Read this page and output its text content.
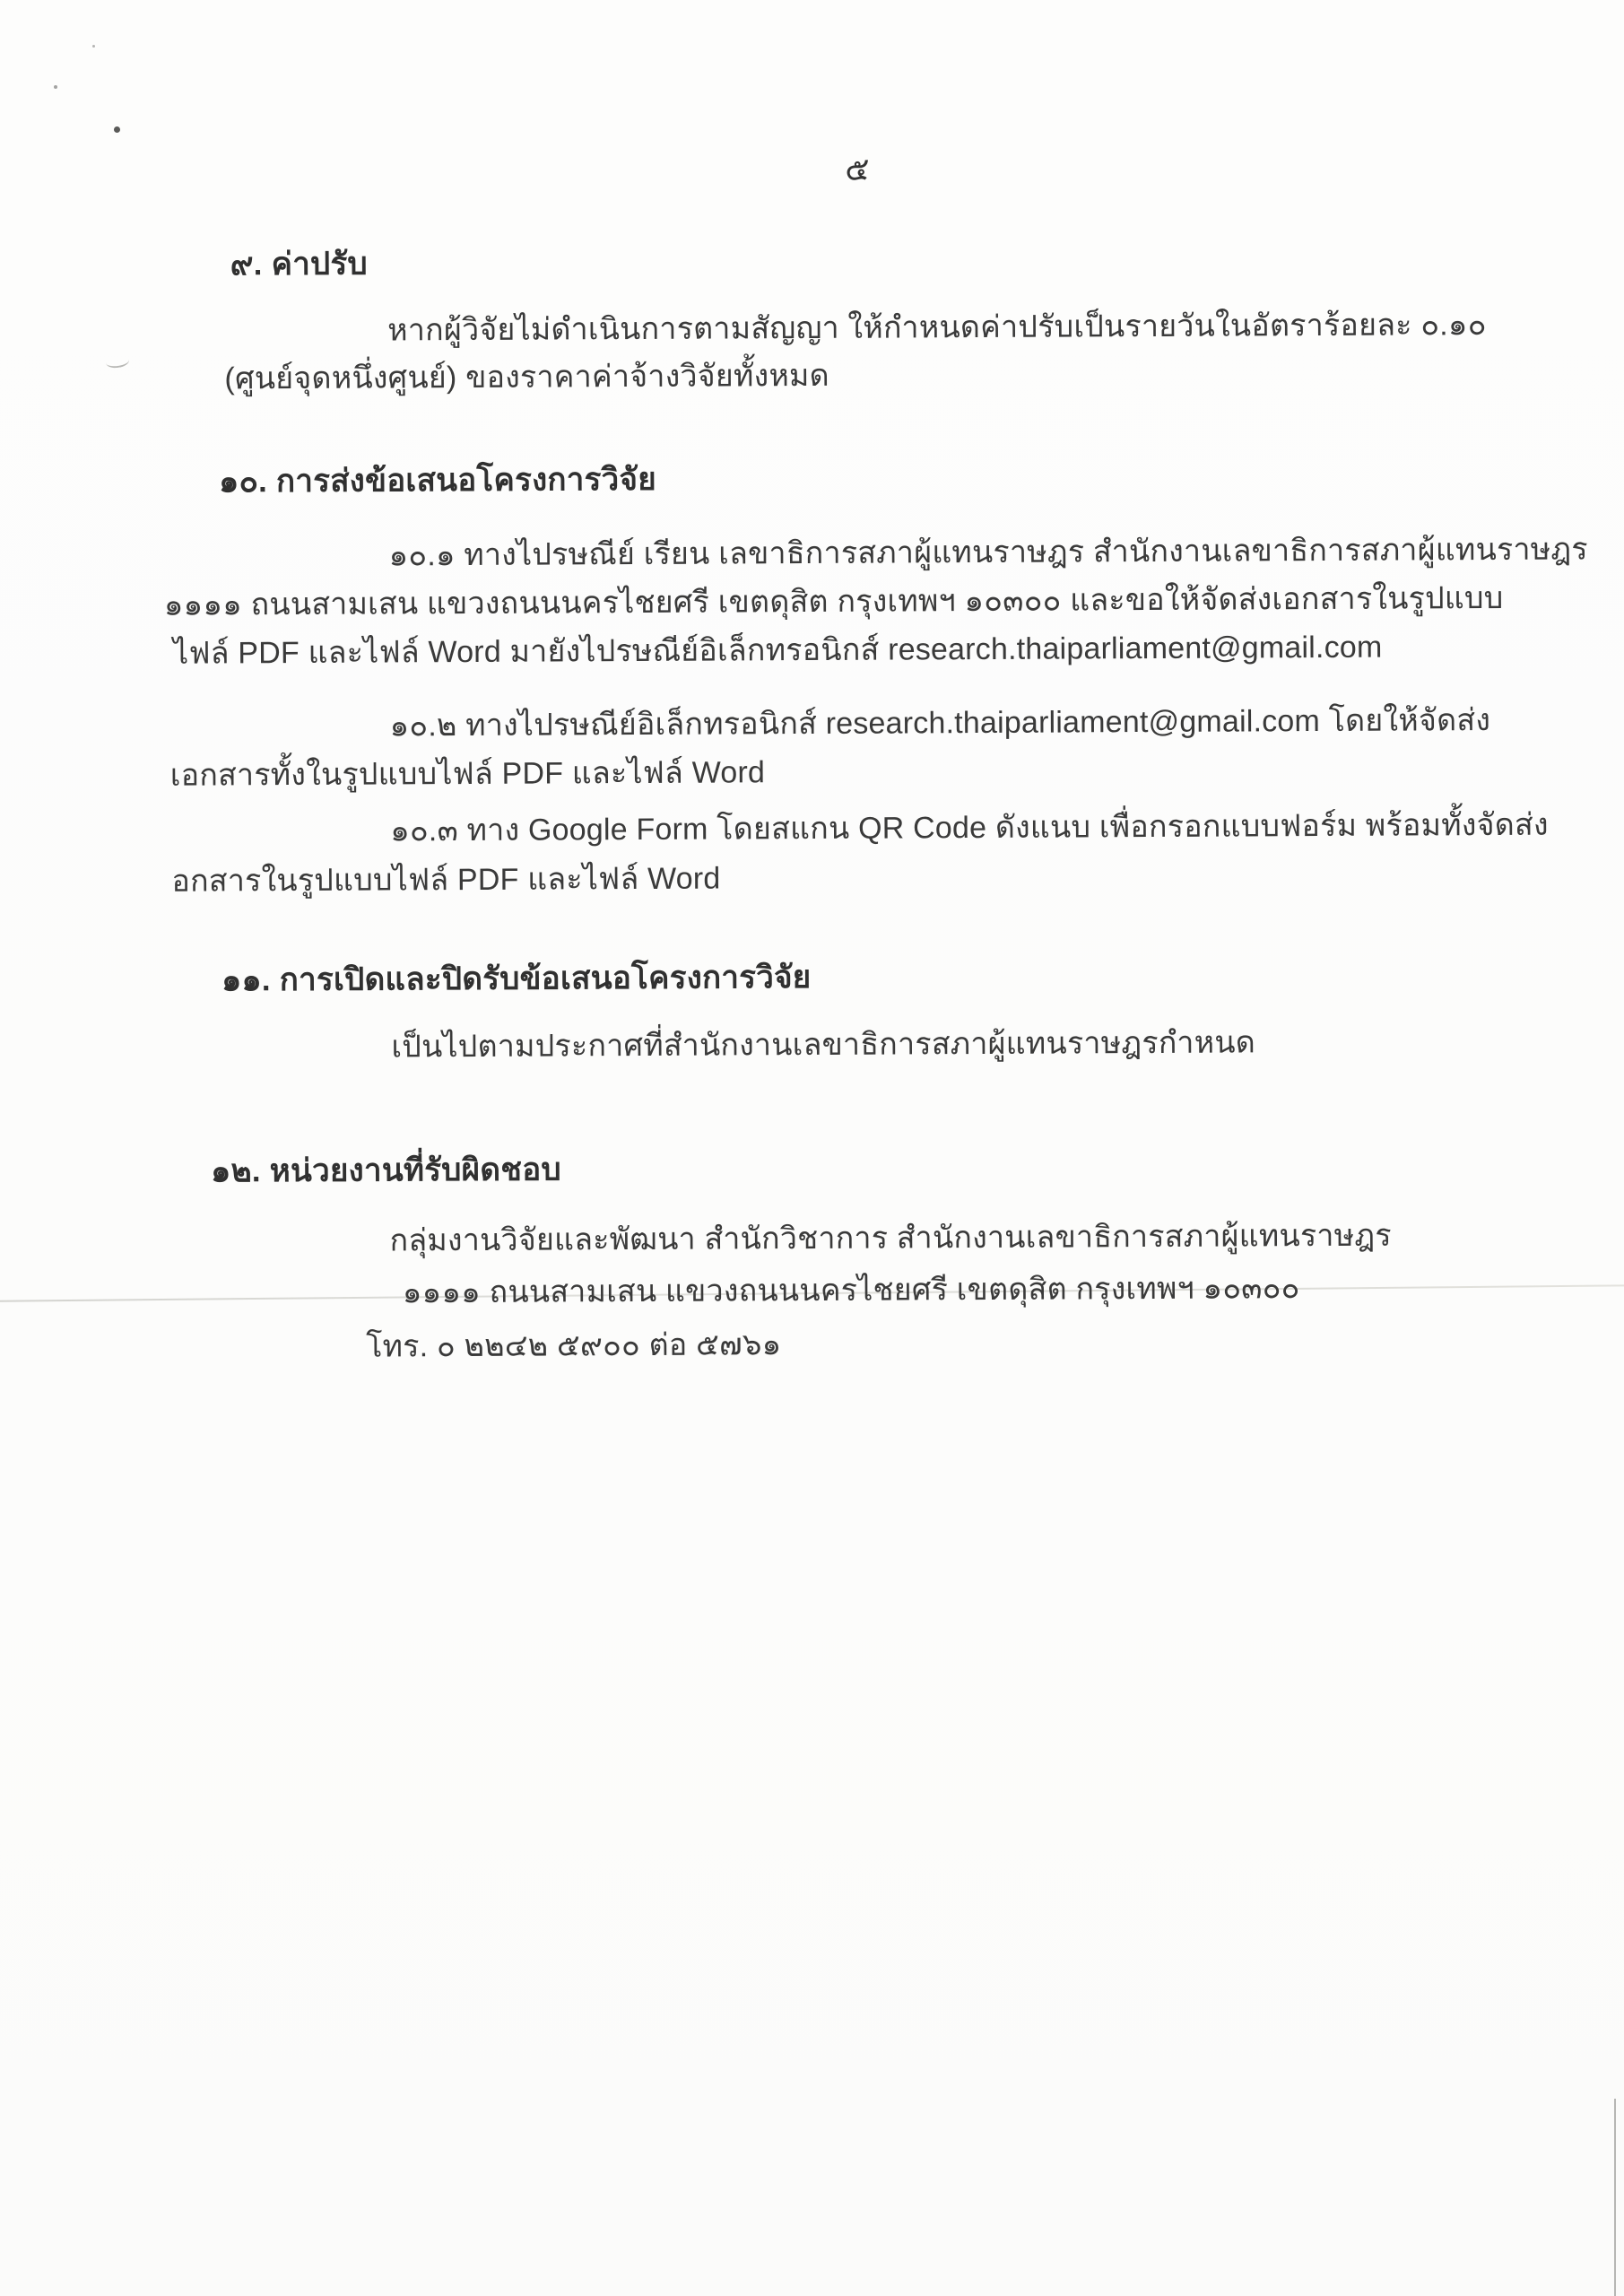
๕
๙. ค่าปรับ
หากผู้วิจัยไม่ดำเนินการตามสัญญา ให้กำหนดค่าปรับเป็นรายวันในอัตราร้อยละ ๐.๑๐
(ศูนย์จุดหนึ่งศูนย์) ของราคาค่าจ้างวิจัยทั้งหมด
๑๐. การส่งข้อเสนอโครงการวิจัย
๑๐.๑ ทางไปรษณีย์ เรียน เลขาธิการสภาผู้แทนราษฎร สำนักงานเลขาธิการสภาผู้แทนราษฎร
๑๑๑๑ ถนนสามเสน แขวงถนนนครไชยศรี เขตดุสิต กรุงเทพฯ ๑๐๓๐๐ และขอให้จัดส่งเอกสารในรูปแบบ
ไฟล์ PDF และไฟล์ Word มายังไปรษณีย์อิเล็กทรอนิกส์ research.thaiparliament@gmail.com
๑๐.๒ ทางไปรษณีย์อิเล็กทรอนิกส์ research.thaiparliament@gmail.com โดยให้จัดส่ง
เอกสารทั้งในรูปแบบไฟล์ PDF และไฟล์ Word
๑๐.๓ ทาง Google Form โดยสแกน QR Code ดังแนบ เพื่อกรอกแบบฟอร์ม พร้อมทั้งจัดส่ง
อกสารในรูปแบบไฟล์ PDF และไฟล์ Word
๑๑. การเปิดและปิดรับข้อเสนอโครงการวิจัย
เป็นไปตามประกาศที่สำนักงานเลขาธิการสภาผู้แทนราษฎรกำหนด
๑๒. หน่วยงานที่รับผิดชอบ
กลุ่มงานวิจัยและพัฒนา สำนักวิชาการ สำนักงานเลขาธิการสภาผู้แทนราษฎร
๑๑๑๑ ถนนสามเสน แขวงถนนนครไชยศรี เขตดุสิต กรุงเทพฯ ๑๐๓๐๐
โทร. ๐ ๒๒๔๒ ๕๙๐๐ ต่อ ๕๗๖๑
